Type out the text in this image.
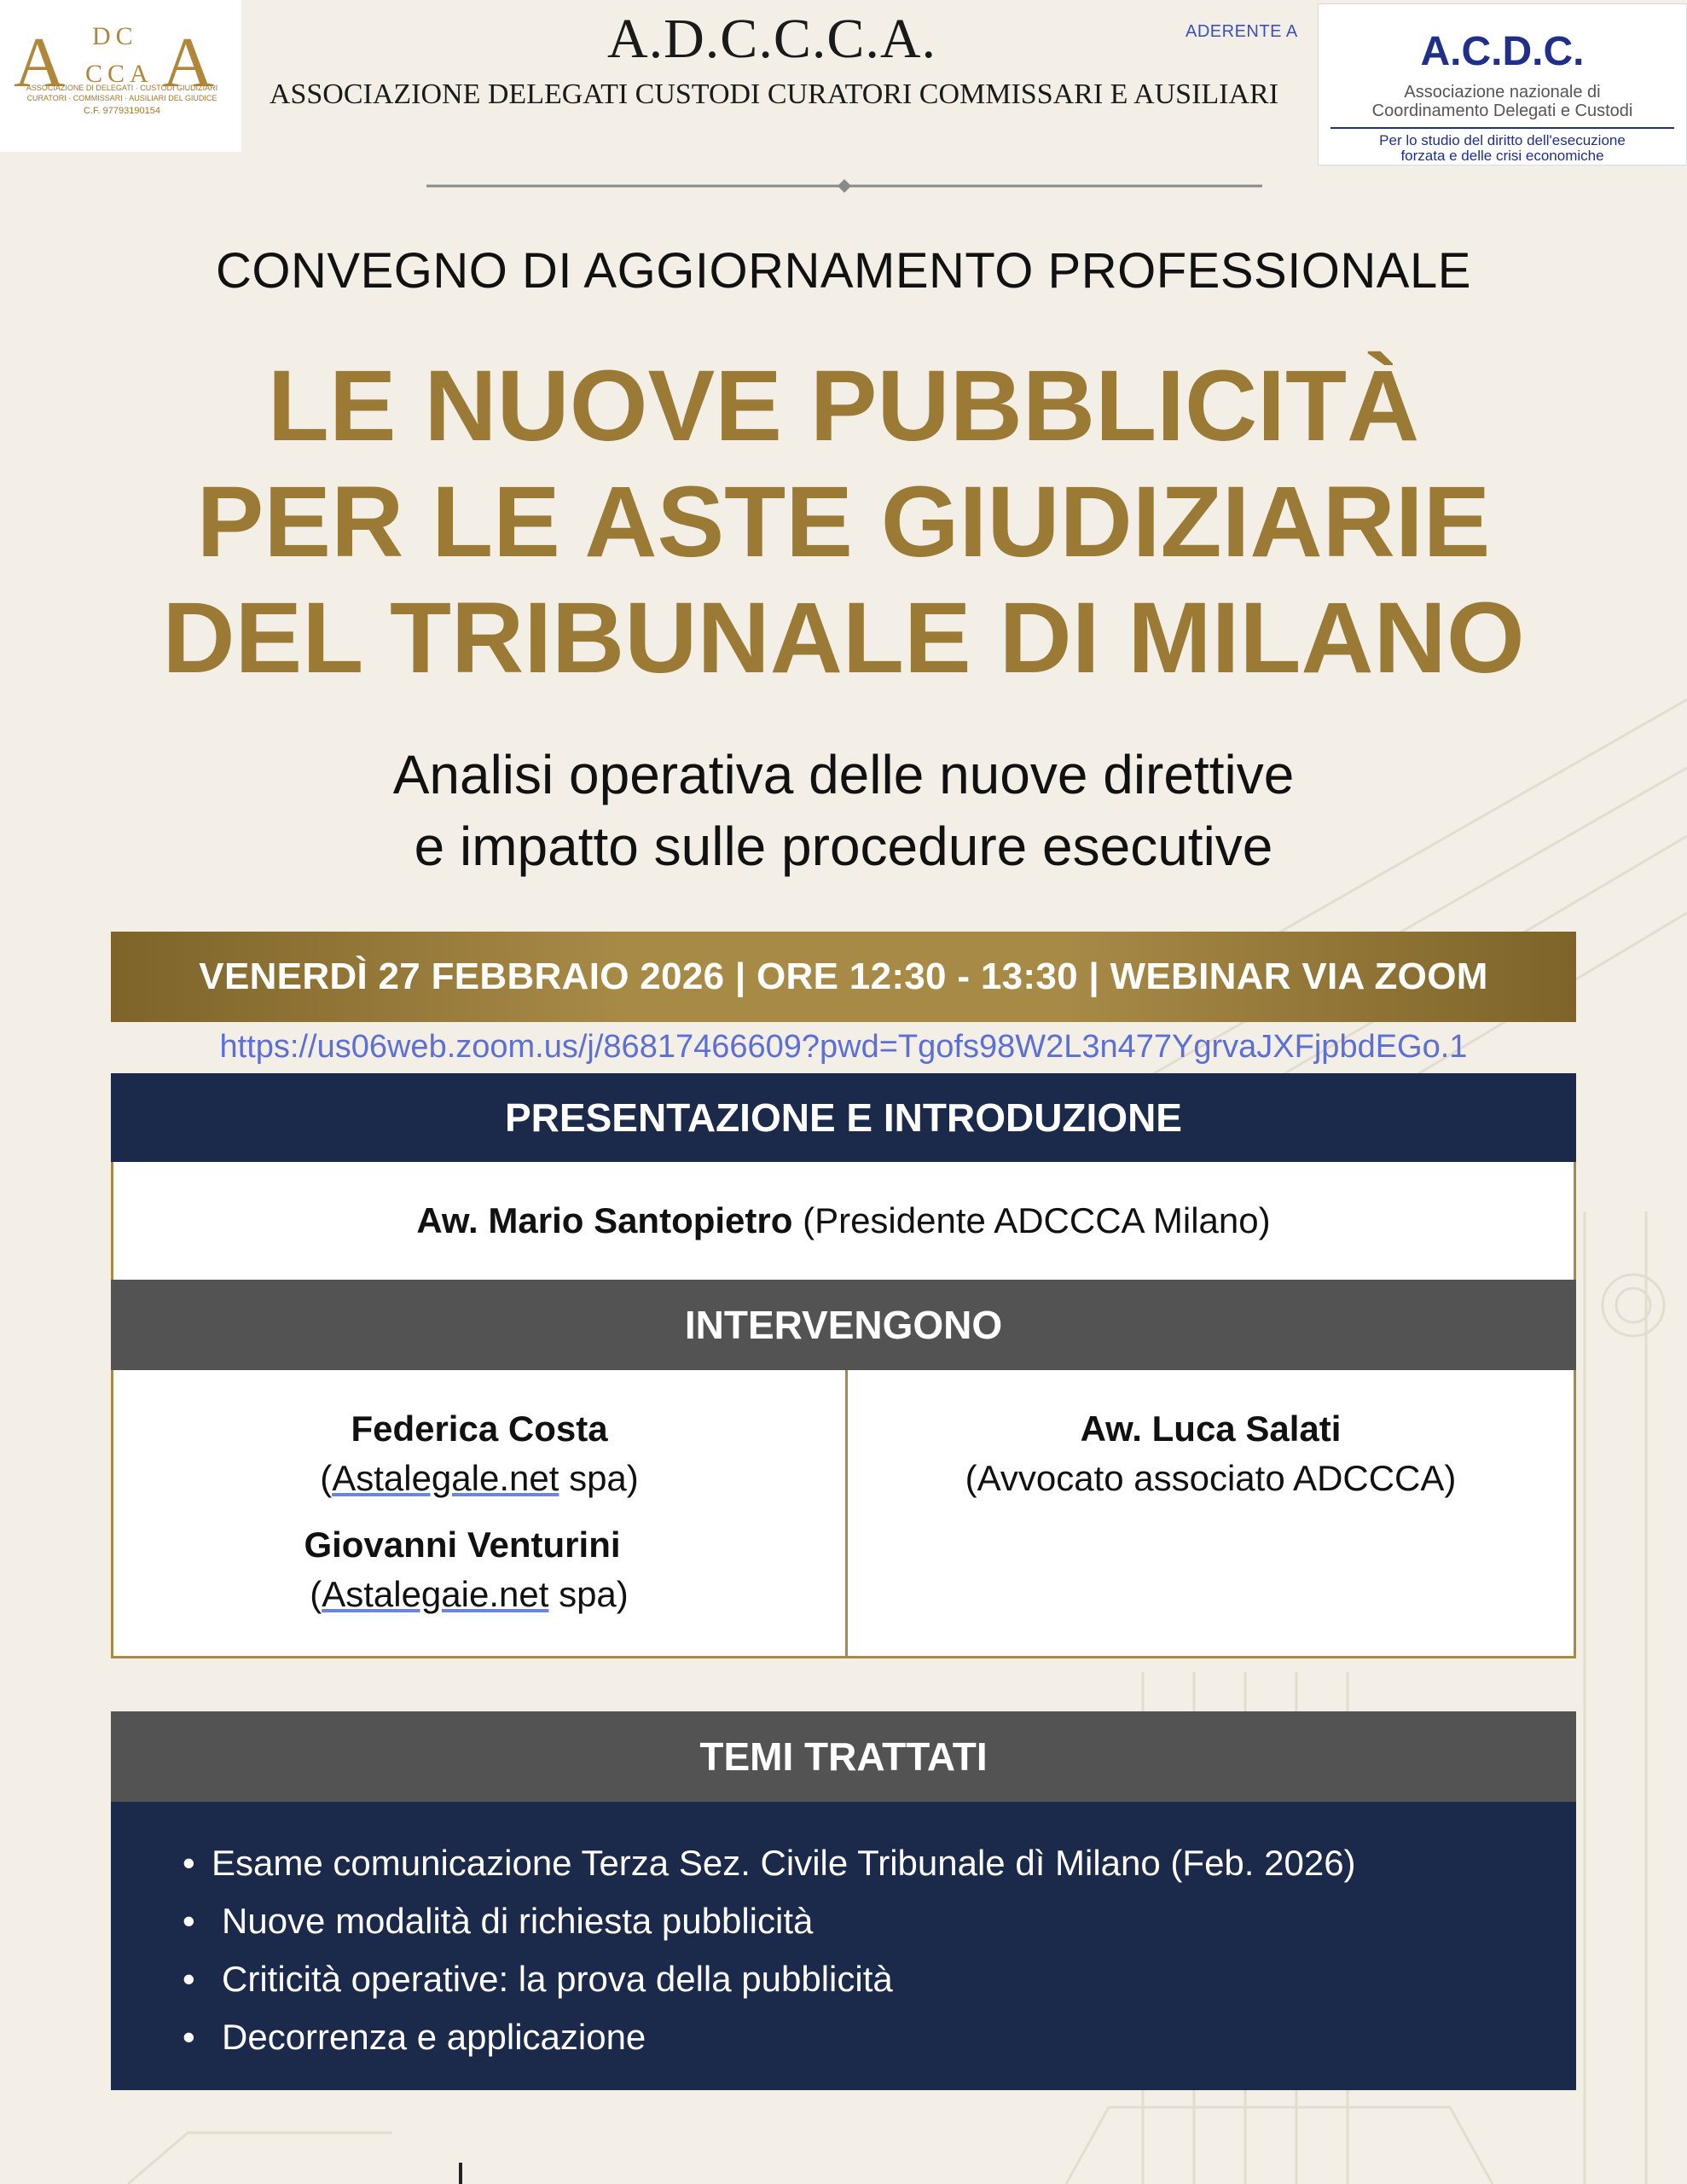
A DC
CCA A
ASSOCIAZIONE DI DELEGATI · CUSTODI GIUDIZIARI
CURATORI · COMMISSARI · AUSILIARI DEL GIUDICE
C.F. 97793190154
A.D.C.C.C.A.
ASSOCIAZIONE DELEGATI CUSTODI CURATORI COMMISSARI E AUSILIARI
ADERENTE A	A.C.D.C.
Associazione nazionale di
Coordinamento Delegati e Custodi
Per lo studio del diritto dell'esecuzione
forzata e delle crisi economiche
CONVEGNO DI AGGIORNAMENTO PROFESSIONALE
LE NUOVE PUBBLICITÀ
PER LE ASTE GIUDIZIARIE
DEL TRIBUNALE DI MILANO
Analisi operativa delle nuove direttive
e impatto sulle procedure esecutive
VENERDÌ 27 FEBBRAIO 2026 | ORE 12:30 - 13:30 | WEBINAR VIA ZOOM
https://us06web.zoom.us/j/86817466609?pwd=Tgofs98W2L3n477YgrvaJXFjpbdEGo.1
PRESENTAZIONE E INTRODUZIONE
Aw. Mario Santopietro (Presidente ADCCCA Milano)
INTERVENGONO
Federica Costa
(Astalegale.net spa)
Giovanni Venturini
(Astalegaie.net spa)
Aw. Luca Salati
(Avvocato associato ADCCCA)
TEMI TRATTATI
• Esame comunicazione Terza Sez. Civile Tribunale dì Milano (Feb. 2026)
• Nuove modalità di richiesta pubblicità
• Criticità operative: la prova della pubblicità
• Decorrenza e applicazione
